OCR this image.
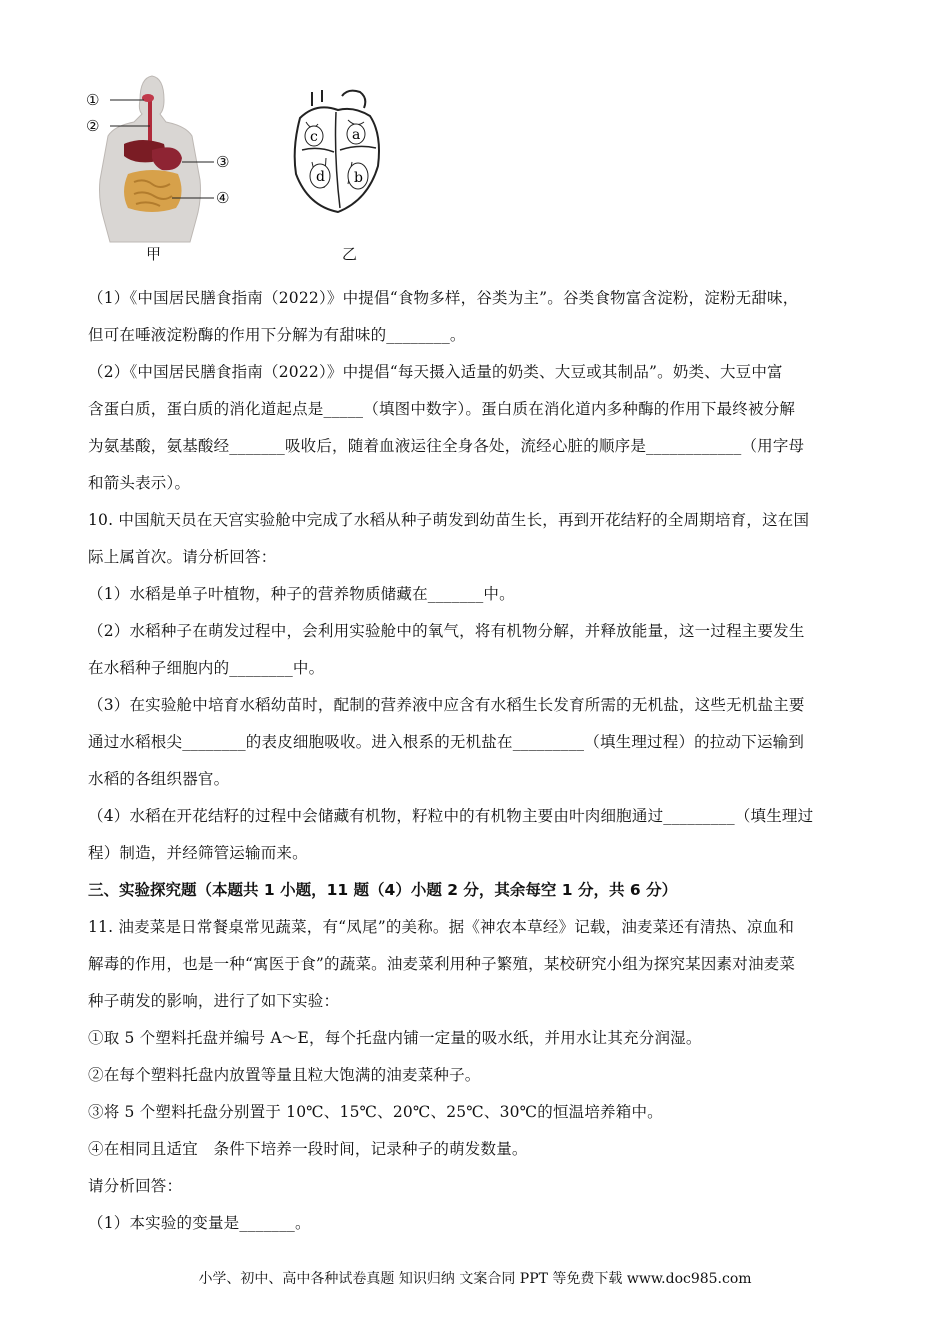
①
②
③
④
甲
a
b
c
d
乙

（1）《中国居民膳食指南（2022）》中提倡“食物多样，谷类为主”。谷类食物富含淀粉，淀粉无甜味，

但可在唾液淀粉酶的作用下分解为有甜味的________。

（2）《中国居民膳食指南（2022）》中提倡“每天摄入适量的奶类、大豆或其制品”。奶类、大豆中富

含蛋白质，蛋白质的消化道起点是_____（填图中数字）。蛋白质在消化道内多种酶的作用下最终被分解

为氨基酸，氨基酸经_______吸收后，随着血液运往全身各处，流经心脏的顺序是____________（用字母

和箭头表示）。

10. 中国航天员在天宫实验舱中完成了水稻从种子萌发到幼苗生长，再到开花结籽的全周期培育，这在国

际上属首次。请分析回答：

（1）水稻是单子叶植物，种子的营养物质储藏在_______中。

（2）水稻种子在萌发过程中，会利用实验舱中的氧气，将有机物分解，并释放能量，这一过程主要发生

在水稻种子细胞内的________中。

（3）在实验舱中培育水稻幼苗时，配制的营养液中应含有水稻生长发育所需的无机盐，这些无机盐主要

通过水稻根尖________的表皮细胞吸收。进入根系的无机盐在_________（填生理过程）的拉动下运输到

水稻的各组织器官。

（4）水稻在开花结籽的过程中会储藏有机物，籽粒中的有机物主要由叶肉细胞通过_________（填生理过

程）制造，并经筛管运输而来。

三、实验探究题（本题共 1 小题，11 题（4）小题 2 分，其余每空 1 分，共 6 分）

11. 油麦菜是日常餐桌常见蔬菜，有“凤尾”的美称。据《神农本草经》记载，油麦菜还有清热、凉血和

解毒的作用，也是一种“寓医于食”的蔬菜。油麦菜利用种子繁殖，某校研究小组为探究某因素对油麦菜

种子萌发的影响，进行了如下实验：

①取 5 个塑料托盘并编号 A～E，每个托盘内铺一定量的吸水纸，并用水让其充分润湿。

②在每个塑料托盘内放置等量且粒大饱满的油麦菜种子。

③将 5 个塑料托盘分别置于 10℃、15℃、20℃、25℃、30℃的恒温培养箱中。

④在相同且适宜　条件下培养一段时间，记录种子的萌发数量。

请分析回答：

（1）本实验的变量是_______。

小学、初中、高中各种试卷真题 知识归纳 文案合同 PPT 等免费下载 www.doc985.com
